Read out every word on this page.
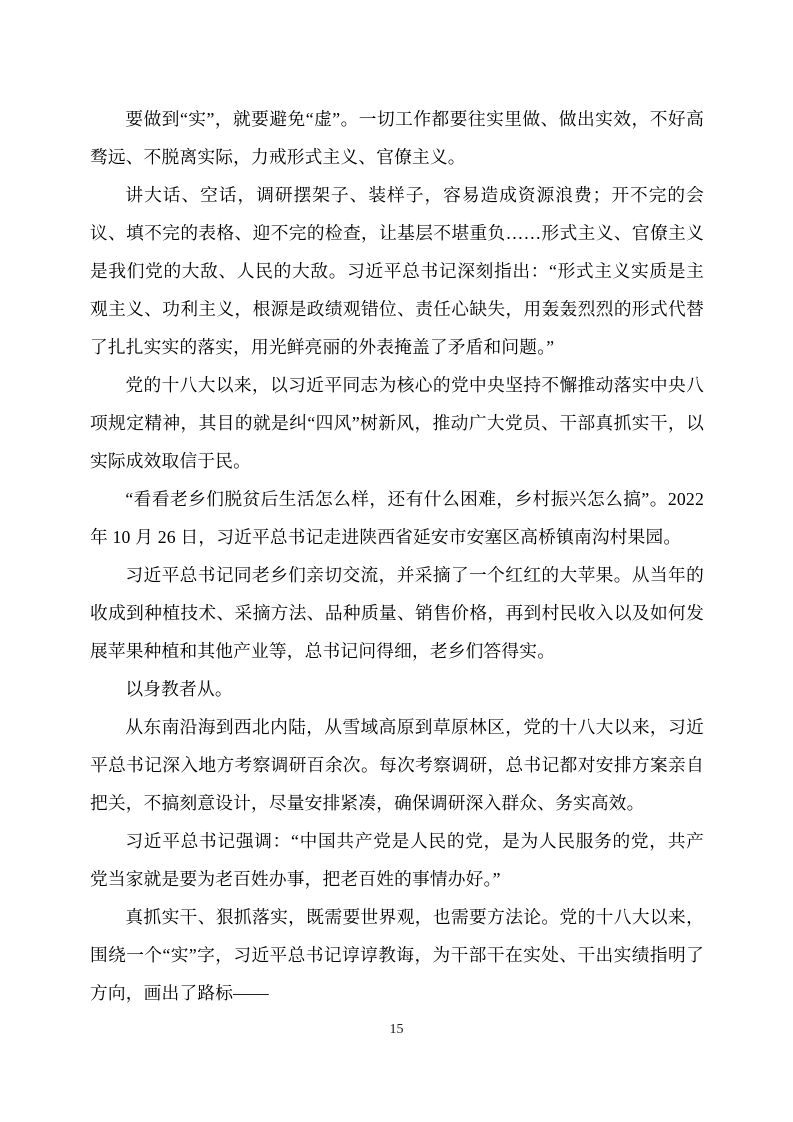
要做到“实”，就要避免“虚”。一切工作都要往实里做、做出实效，不好高骛远、不脱离实际，力戒形式主义、官僚主义。

讲大话、空话，调研摆架子、装样子，容易造成资源浪费；开不完的会议、填不完的表格、迎不完的检查，让基层不堪重负……形式主义、官僚主义是我们党的大敌、人民的大敌。习近平总书记深刻指出：“形式主义实质是主观主义、功利主义，根源是政绩观错位、责任心缺失，用轰轰烈烈的形式代替了扎扎实实的落实，用光鲜亮丽的外表掩盖了矛盾和问题。”

党的十八大以来，以习近平同志为核心的党中央坚持不懈推动落实中央八项规定精神，其目的就是纠“四风”树新风，推动广大党员、干部真抓实干，以实际成效取信于民。

“看看老乡们脱贫后生活怎么样，还有什么困难，乡村振兴怎么搞”。2022 年 10 月 26 日，习近平总书记走进陕西省延安市安塞区高桥镇南沟村果园。

习近平总书记同老乡们亲切交流，并采摘了一个红红的大苹果。从当年的收成到种植技术、采摘方法、品种质量、销售价格，再到村民收入以及如何发展苹果种植和其他产业等，总书记问得细，老乡们答得实。

以身教者从。

从东南沿海到西北内陆，从雪域高原到草原林区，党的十八大以来，习近平总书记深入地方考察调研百余次。每次考察调研，总书记都对安排方案亲自把关，不搞刻意设计，尽量安排紧凑，确保调研深入群众、务实高效。

习近平总书记强调：“中国共产党是人民的党，是为人民服务的党，共产党当家就是要为老百姓办事，把老百姓的事情办好。”

真抓实干、狠抓落实，既需要世界观，也需要方法论。党的十八大以来，围绕一个“实”字，习近平总书记谆谆教诲，为干部干在实处、干出实绩指明了方向，画出了路标——

15
